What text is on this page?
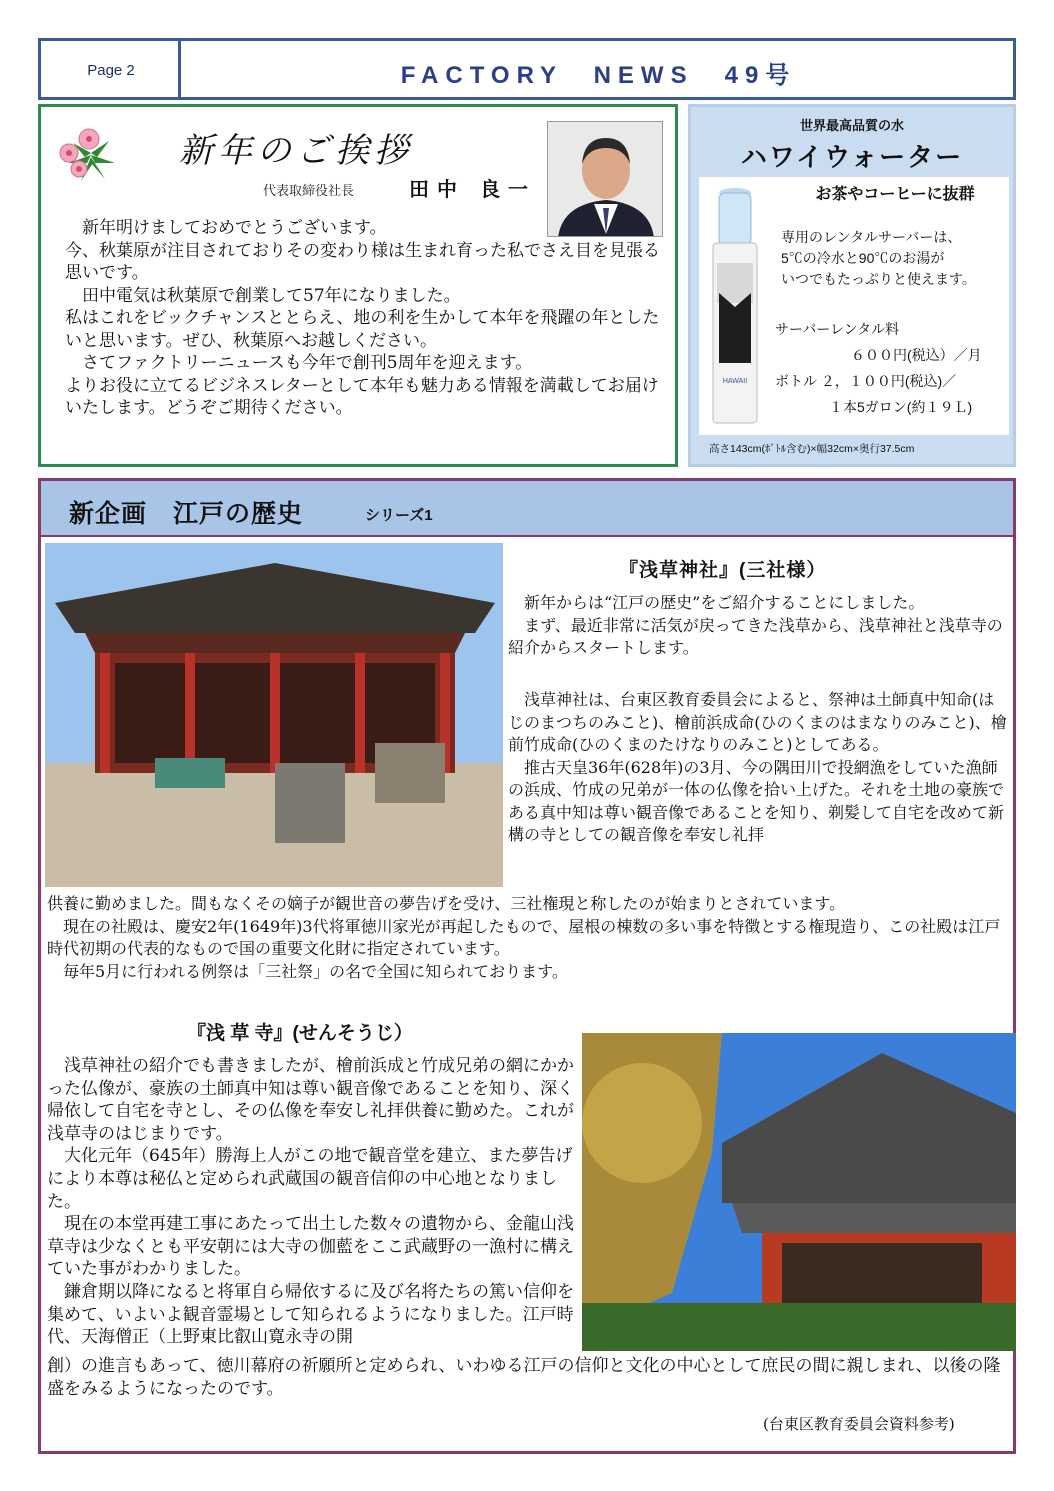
Page 2	FACTORY　NEWS　49号
新年のご挨拶
代表取締役社長	田中 良一

　新年明けましておめでとうございます。

今、秋葉原が注目されておりその変わり様は生まれ育った私でさえ目を見張る思いです。

　田中電気は秋葉原で創業して57年になりました。

私はこれをビックチャンスととらえ、地の利を生かして本年を飛躍の年としたいと思います。ぜひ、秋葉原へお越しください。

　さてファクトリーニュースも今年で創刊5周年を迎えます。

よりお役に立てるビジネスレターとして本年も魅力ある情報を満載してお届けいたします。どうぞご期待ください。

世界最高品質の水
ハワイウォーター
HAWAII
お茶やコーヒーに抜群
専用のレンタルサーバーは、
5℃の冷水と90℃のお湯が
いつでもたっぷりと使えます。
サーバーレンタル料
６００円(税込）／月
ボトル ２，１００円(税込)／
１本5ガロン(約１９Ｌ)
高さ143cm(ﾎﾞﾄﾙ含む)×幅32cm×奥行37.5cm
新企画　江戸の歴史	シリーズ1
『浅草神社』(三社様）
　新年からは“江戸の歴史”をご紹介することにしました。
　まず、最近非常に活気が戻ってきた浅草から、浅草神社と浅草寺の紹介からスタートします。
　浅草神社は、台東区教育委員会によると、祭神は土師真中知命(はじのまつちのみこと)、檜前浜成命(ひのくまのはまなりのみこと)、檜前竹成命(ひのくまのたけなりのみこと)としてある。
　推古天皇36年(628年)の3月、今の隅田川で投網漁をしていた漁師の浜成、竹成の兄弟が一体の仏像を拾い上げた。それを土地の豪族である真中知は尊い観音像であることを知り、剃髪して自宅を改めて新構の寺としての観音像を奉安し礼拝
供養に勤めました。間もなくその嫡子が観世音の夢告げを受け、三社権現と称したのが始まりとされています。
　現在の社殿は、慶安2年(1649年)3代将軍徳川家光が再起したもので、屋根の棟数の多い事を特徴とする権現造り、この社殿は江戸時代初期の代表的なもので国の重要文化財に指定されています。
　毎年5月に行われる例祭は「三社祭」の名で全国に知られております。
『浅 草 寺』(せんそうじ）
　浅草神社の紹介でも書きましたが、檜前浜成と竹成兄弟の網にかかった仏像が、豪族の土師真中知は尊い観音像であることを知り、深く帰依して自宅を寺とし、その仏像を奉安し礼拝供養に勤めた。これが浅草寺のはじまりです。
　大化元年（645年）勝海上人がこの地で観音堂を建立、また夢告げにより本尊は秘仏と定められ武蔵国の観音信仰の中心地となりました。
　現在の本堂再建工事にあたって出土した数々の遺物から、金龍山浅草寺は少なくとも平安朝には大寺の伽藍をここ武蔵野の一漁村に構えていた事がわかりました。
　鎌倉期以降になると将軍自ら帰依するに及び名将たちの篤い信仰を集めて、いよいよ観音霊場として知られるようになりました。江戸時代、天海僧正（上野東比叡山寛永寺の開
創）の進言もあって、徳川幕府の祈願所と定められ、いわゆる江戸の信仰と文化の中心として庶民の間に親しまれ、以後の隆盛をみるようになったのです。
(台東区教育委員会資料参考)
